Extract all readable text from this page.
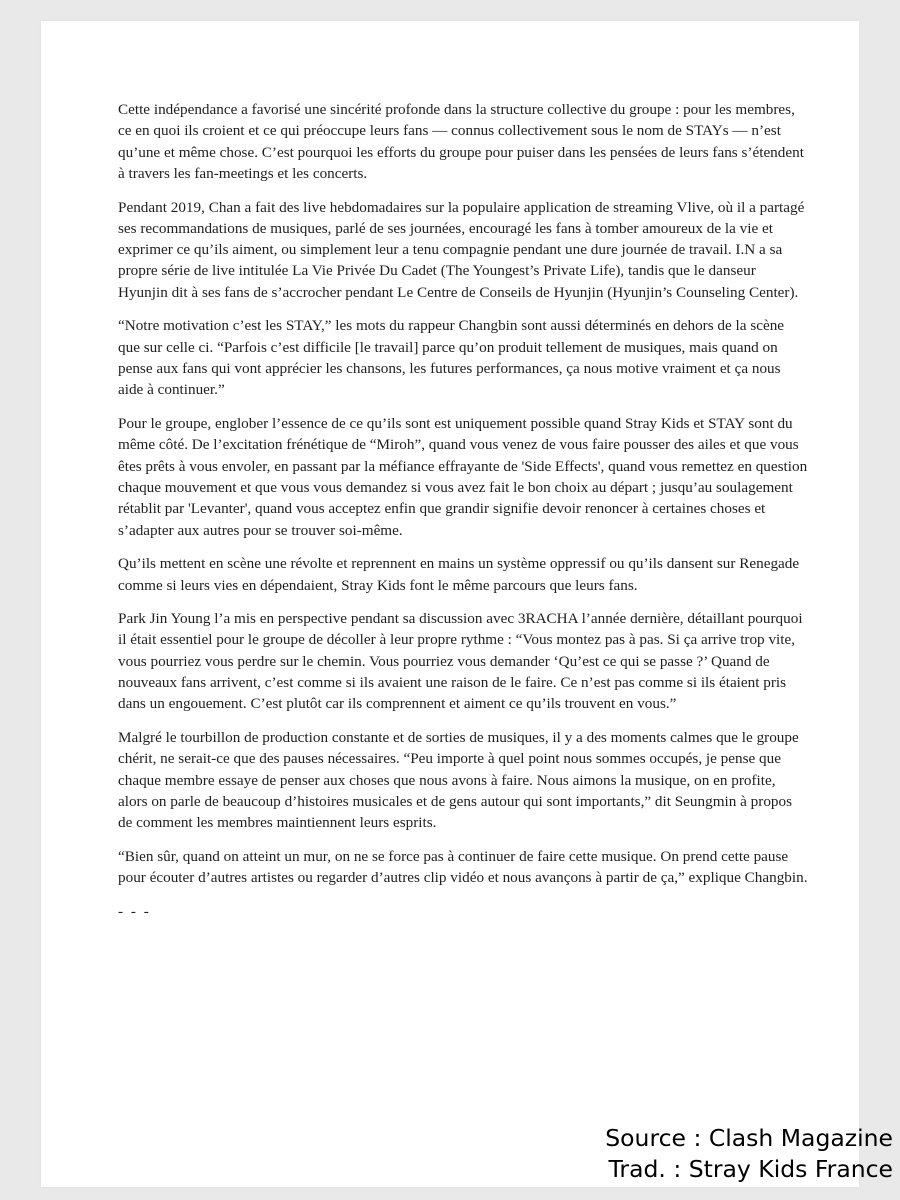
Cette indépendance a favorisé une sincérité profonde dans la structure collective du groupe : pour les membres, ce en quoi ils croient et ce qui préoccupe leurs fans — connus collectivement sous le nom de STAYs — n’est qu’une et même chose. C’est pourquoi les efforts du groupe pour puiser dans les pensées de leurs fans s’étendent à travers les fan-meetings et les concerts.

Pendant 2019, Chan a fait des live hebdomadaires sur la populaire application de streaming Vlive, où il a partagé ses recommandations de musiques, parlé de ses journées, encouragé les fans à tomber amoureux de la vie et exprimer ce qu’ils aiment, ou simplement leur a tenu compagnie pendant une dure journée de travail. I.N a sa propre série de live intitulée La Vie Privée Du Cadet (The Youngest’s Private Life), tandis que le danseur Hyunjin dit à ses fans de s’accrocher pendant Le Centre de Conseils de Hyunjin (Hyunjin’s Counseling Center).

“Notre motivation c’est les STAY,” les mots du rappeur Changbin sont aussi déterminés en dehors de la scène que sur celle ci. “Parfois c’est difficile [le travail] parce qu’on produit tellement de musiques, mais quand on pense aux fans qui vont apprécier les chansons, les futures performances, ça nous motive vraiment et ça nous aide à continuer.”

Pour le groupe, englober l’essence de ce qu’ils sont est uniquement possible quand Stray Kids et STAY sont du même côté. De l’excitation frénétique de “Miroh”, quand vous venez de vous faire pousser des ailes et que vous êtes prêts à vous envoler, en passant par la méfiance effrayante de 'Side Effects', quand vous remettez en question chaque mouvement et que vous vous demandez si vous avez fait le bon choix au départ ; jusqu’au soulagement rétablit par 'Levanter', quand vous acceptez enfin que grandir signifie devoir renoncer à certaines choses et s’adapter aux autres pour se trouver soi-même.

Qu’ils mettent en scène une révolte et reprennent en mains un système oppressif ou qu’ils dansent sur Renegade comme si leurs vies en dépendaient, Stray Kids font le même parcours que leurs fans.

Park Jin Young l’a mis en perspective pendant sa discussion avec 3RACHA l’année dernière, détaillant pourquoi il était essentiel pour le groupe de décoller à leur propre rythme : “Vous montez pas à pas. Si ça arrive trop vite, vous pourriez vous perdre sur le chemin. Vous pourriez vous demander ‘Qu’est ce qui se passe ?’ Quand de nouveaux fans arrivent, c’est comme si ils avaient une raison de le faire. Ce n’est pas comme si ils étaient pris dans un engouement. C’est plutôt car ils comprennent et aiment ce qu’ils trouvent en vous.”

Malgré le tourbillon de production constante et de sorties de musiques, il y a des moments calmes que le groupe chérit, ne serait-ce que des pauses nécessaires. “Peu importe à quel point nous sommes occupés, je pense que chaque membre essaye de penser aux choses que nous avons à faire. Nous aimons la musique, on en profite, alors on parle de beaucoup d’histoires musicales et de gens autour qui sont importants,” dit Seungmin à propos de comment les membres maintiennent leurs esprits.

“Bien sûr, quand on atteint un mur, on ne se force pas à continuer de faire cette musique. On prend cette pause pour écouter d’autres artistes ou regarder d’autres clip vidéo et nous avançons à partir de ça,” explique Changbin.

- - -

Source : Clash Magazine
Trad. : Stray Kids France
